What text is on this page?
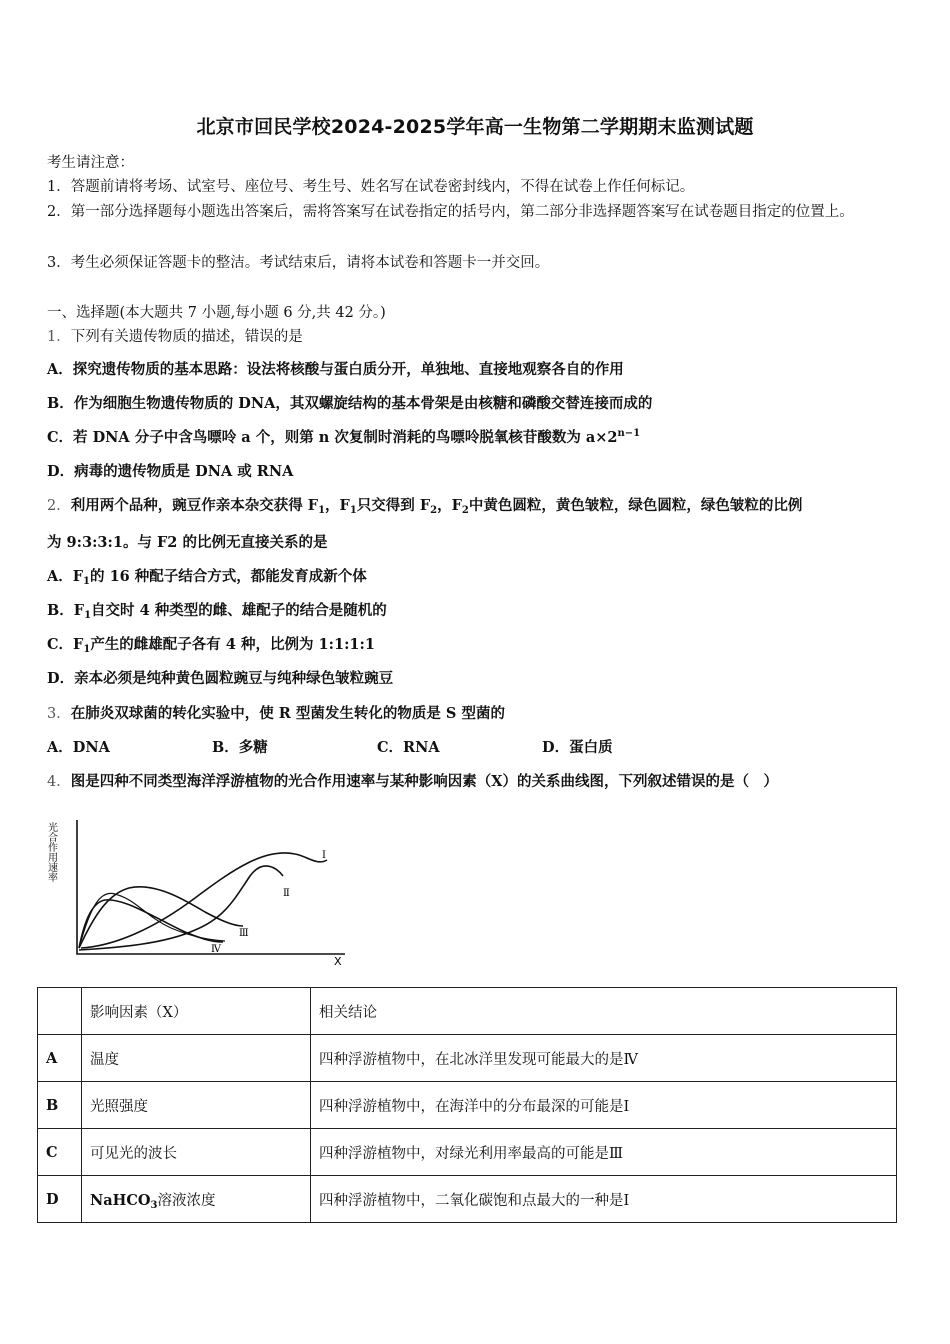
北京市回民学校2024-2025学年高一生物第二学期期末监测试题
考生请注意：
1．答题前请将考场、试室号、座位号、考生号、姓名写在试卷密封线内，不得在试卷上作任何标记。
2．第一部分选择题每小题选出答案后，需将答案写在试卷指定的括号内，第二部分非选择题答案写在试卷题目指定的位置上。
3．考生必须保证答题卡的整洁。考试结束后，请将本试卷和答题卡一并交回。
一、选择题(本大题共 7 小题,每小题 6 分,共 42 分。)
1．下列有关遗传物质的描述，错误的是
A．探究遗传物质的基本思路：设法将核酸与蛋白质分开，单独地、直接地观察各自的作用
B．作为细胞生物遗传物质的 DNA，其双螺旋结构的基本骨架是由核糖和磷酸交替连接而成的
C．若 DNA 分子中含鸟嘌呤 a 个，则第 n 次复制时消耗的鸟嘌呤脱氧核苷酸数为 $a\times 2^{n-1}$
D．病毒的遗传物质是 DNA 或 RNA
2．利用两个品种，豌豆作亲本杂交获得 $F_1$，$F_1$只交得到 $F_2$，$F_2$中黄色圆粒，黄色皱粒，绿色圆粒，绿色皱粒的比例
为 9:3:3:1。与 F2 的比例无直接关系的是
A．$F_1$的 16 种配子结合方式，都能发育成新个体
B．$F_1$自交时 4 种类型的雌、雄配子的结合是随机的
C．$F_1$产生的雌雄配子各有 4 种，比例为 1:1:1:1
D．亲本必须是纯种黄色圆粒豌豆与纯种绿色皱粒豌豆
3．在肺炎双球菌的转化实验中，使 R 型菌发生转化的物质是 S 型菌的
A．DNA	B．多糖	C．RNA	D．蛋白质
4．图是四种不同类型海洋浮游植物的光合作用速率与某种影响因素（X）的关系曲线图，下列叙述错误的是（　）
光合作用速率
X
Ⅰ
Ⅱ
Ⅲ
Ⅳ
	影响因素（X）	相关结论
A	温度	四种浮游植物中，在北冰洋里发现可能最大的是Ⅳ
B	光照强度	四种浮游植物中，在海洋中的分布最深的可能是Ⅰ
C	可见光的波长	四种浮游植物中，对绿光利用率最高的可能是Ⅲ
D	NaHCO$_3$溶液浓度	四种浮游植物中，二氧化碳饱和点最大的一种是Ⅰ
